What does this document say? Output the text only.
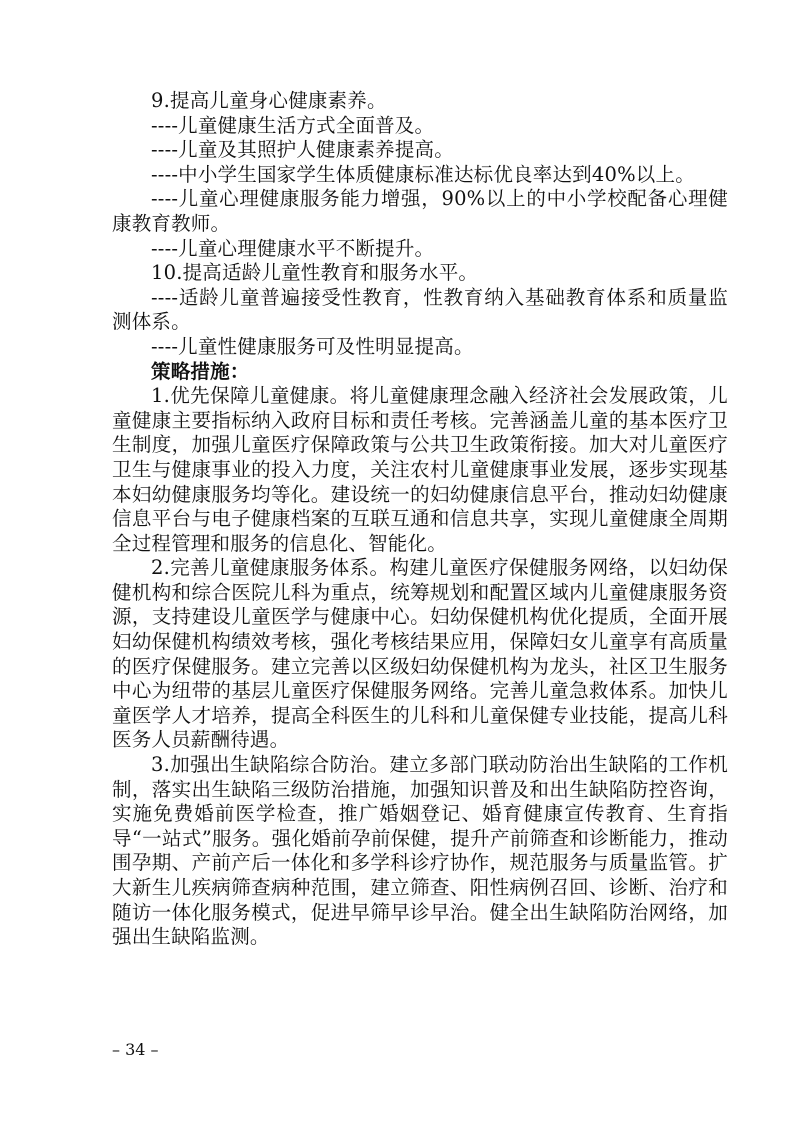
9.提高儿童身心健康素养。

----儿童健康生活方式全面普及。

----儿童及其照护人健康素养提高。

----中小学生国家学生体质健康标准达标优良率达到40%以上。

----儿童心理健康服务能力增强，90%以上的中小学校配备心理健康教育教师。

----儿童心理健康水平不断提升。

10.提高适龄儿童性教育和服务水平。

----适龄儿童普遍接受性教育，性教育纳入基础教育体系和质量监测体系。

----儿童性健康服务可及性明显提高。

策略措施：

1.优先保障儿童健康。将儿童健康理念融入经济社会发展政策，儿童健康主要指标纳入政府目标和责任考核。完善涵盖儿童的基本医疗卫生制度，加强儿童医疗保障政策与公共卫生政策衔接。加大对儿童医疗卫生与健康事业的投入力度，关注农村儿童健康事业发展，逐步实现基本妇幼健康服务均等化。建设统一的妇幼健康信息平台，推动妇幼健康信息平台与电子健康档案的互联互通和信息共享，实现儿童健康全周期全过程管理和服务的信息化、智能化。

2.完善儿童健康服务体系。构建儿童医疗保健服务网络，以妇幼保健机构和综合医院儿科为重点，统筹规划和配置区域内儿童健康服务资源，支持建设儿童医学与健康中心。妇幼保健机构优化提质，全面开展妇幼保健机构绩效考核，强化考核结果应用，保障妇女儿童享有高质量的医疗保健服务。建立完善以区级妇幼保健机构为龙头，社区卫生服务中心为纽带的基层儿童医疗保健服务网络。完善儿童急救体系。加快儿童医学人才培养，提高全科医生的儿科和儿童保健专业技能，提高儿科医务人员薪酬待遇。

3.加强出生缺陷综合防治。建立多部门联动防治出生缺陷的工作机制，落实出生缺陷三级防治措施，加强知识普及和出生缺陷防控咨询，实施免费婚前医学检查，推广婚姻登记、婚育健康宣传教育、生育指导“一站式”服务。强化婚前孕前保健，提升产前筛查和诊断能力，推动围孕期、产前产后一体化和多学科诊疗协作，规范服务与质量监管。扩大新生儿疾病筛查病种范围，建立筛查、阳性病例召回、诊断、治疗和随访一体化服务模式，促进早筛早诊早治。健全出生缺陷防治网络，加强出生缺陷监测。

– 34 –
